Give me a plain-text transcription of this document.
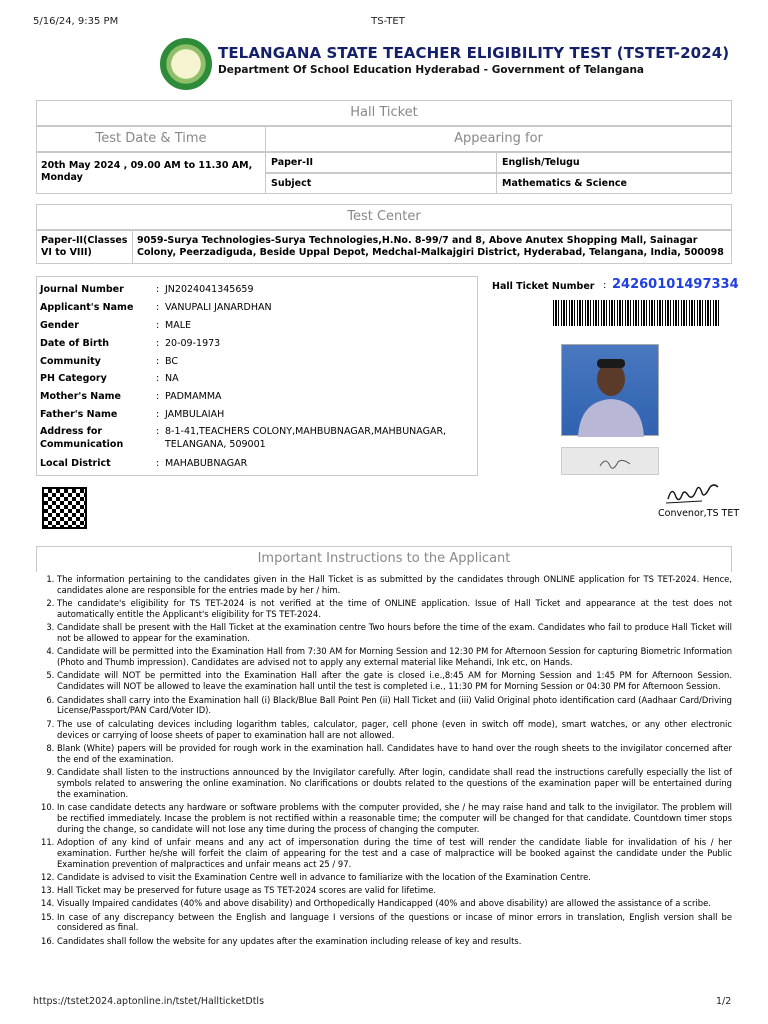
5/16/24, 9:35 PM	TS-TET
TELANGANA STATE TEACHER ELIGIBILITY TEST (TSTET-2024)
Department Of School Education Hyderabad - Government of Telangana
Hall Ticket
Test Date & Time	Appearing for
20th May 2024 , 09.00 AM to 11.30 AM, Monday
Paper-II	English/Telugu
Subject	Mathematics & Science
Test Center
Paper-II(Classes VI to VIII)
9059-Surya Technologies-Surya Technologies,H.No. 8-99/7 and 8, Above Anutex Shopping Mall, Sainagar Colony, Peerzadiguda, Beside Uppal Depot, Medchal-Malkajgiri District, Hyderabad, Telangana, India, 500098
Journal Number	: JN2024041345659
Applicant's Name : VANUPALI JANARDHAN
Gender	: MALE
Date of Birth	: 20-09-1973
Community	: BC
PH Category	: NA
Mother's Name	: PADMAMMA
Father's Name	: JAMBULAIAH
Address for
Communication
: 8-1-41,TEACHERS COLONY,MAHBUBNAGAR,MAHBUNAGAR,
TELANGANA, 509001
Local District	: MAHABUBNAGAR
Hall Ticket Number : 24260101497334
Convenor,TS TET
Important Instructions to the Applicant
1. The information pertaining to the candidates given in the Hall Ticket is as submitted by the candidates through ONLINE application for TS TET-2024. Hence, candidates alone are responsible for the entries made by her / him.
2. The candidate's eligibility for TS TET-2024 is not verified at the time of ONLINE application. Issue of Hall Ticket and appearance at the test does not automatically entitle the Applicant's eligibility for TS TET-2024.
3. Candidate shall be present with the Hall Ticket at the examination centre Two hours before the time of the exam. Candidates who fail to produce Hall Ticket will not be allowed to appear for the examination.
4. Candidate will be permitted into the Examination Hall from 7:30 AM for Morning Session and 12:30 PM for Afternoon Session for capturing Biometric Information (Photo and Thumb impression). Candidates are advised not to apply any external material like Mehandi, Ink etc, on Hands.
5. Candidate will NOT be permitted into the Examination Hall after the gate is closed i.e.,8:45 AM for Morning Session and 1:45 PM for Afternoon Session. Candidates will NOT be allowed to leave the examination hall until the test is completed i.e., 11:30 PM for Morning Session or 04:30 PM for Afternoon Session.
6. Candidates shall carry into the Examination hall (i) Black/Blue Ball Point Pen (ii) Hall Ticket and (iii) Valid Original photo identification card (Aadhaar Card/Driving License/Passport/PAN Card/Voter ID).
7. The use of calculating devices including logarithm tables, calculator, pager, cell phone (even in switch off mode), smart watches, or any other electronic devices or carrying of loose sheets of paper to examination hall are not allowed.
8. Blank (White) papers will be provided for rough work in the examination hall. Candidates have to hand over the rough sheets to the invigilator concerned after the end of the examination.
9. Candidate shall listen to the instructions announced by the Invigilator carefully. After login, candidate shall read the instructions carefully especially the list of symbols related to answering the online examination. No clarifications or doubts related to the questions of the examination paper will be entertained during the examination.
10. In case candidate detects any hardware or software problems with the computer provided, she / he may raise hand and talk to the invigilator. The problem will be rectified immediately. Incase the problem is not rectified within a reasonable time; the computer will be changed for that candidate. Countdown timer stops during the change, so candidate will not lose any time during the process of changing the computer.
11. Adoption of any kind of unfair means and any act of impersonation during the time of test will render the candidate liable for invalidation of his / her examination. Further he/she will forfeit the claim of appearing for the test and a case of malpractice will be booked against the candidate under the Public Examination prevention of malpractices and unfair means act 25 / 97.
12. Candidate is advised to visit the Examination Centre well in advance to familiarize with the location of the Examination Centre.
13. Hall Ticket may be preserved for future usage as TS TET-2024 scores are valid for lifetime.
14. Visually Impaired candidates (40% and above disability) and Orthopedically Handicapped (40% and above disability) are allowed the assistance of a scribe.
15. In case of any discrepancy between the English and language I versions of the questions or incase of minor errors in translation, English version shall be considered as final.
16. Candidates shall follow the website for any updates after the examination including release of key and results.
https://tstet2024.aptonline.in/tstet/HallticketDtls	1/2
